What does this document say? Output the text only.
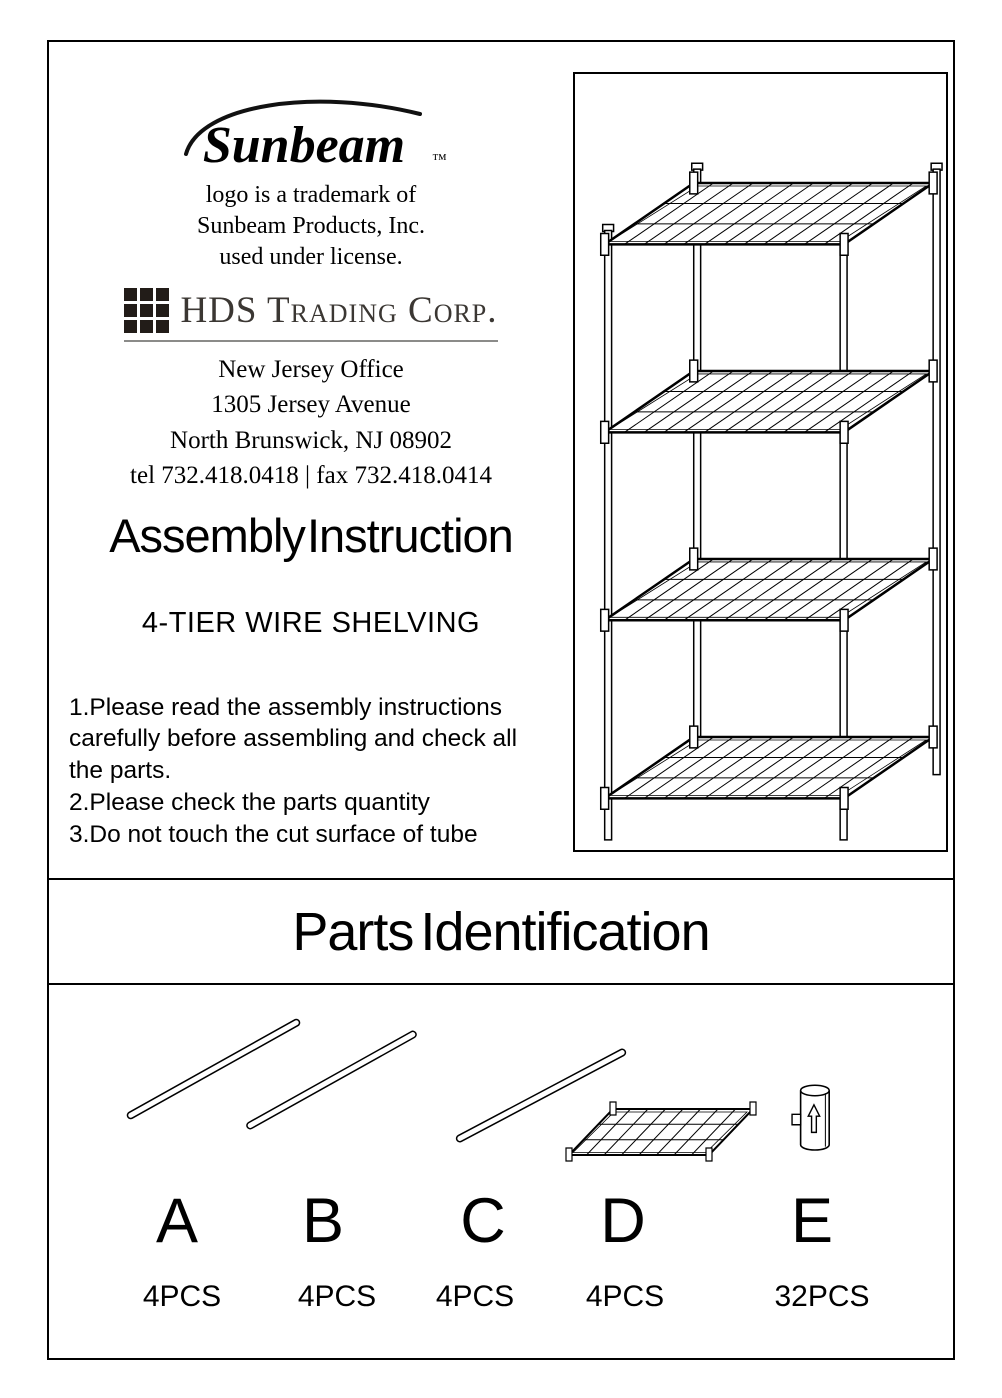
Sunbeam ™
logo is a trademark of
Sunbeam Products, Inc.
used under license.
HDS Trading Corp.
New Jersey Office
1305 Jersey Avenue
North Brunswick, NJ 08902
tel 732.418.0418 | fax 732.418.0414
Assembly Instruction
4-TIER WIRE SHELVING
1.Please read the assembly instructions carefully before assembling and check all the parts.
2.Please check the parts quantity
3.Do not touch the cut surface of tube
Parts Identification
A	B	C	D	E
4PCS	4PCS	4PCS	4PCS	32PCS
